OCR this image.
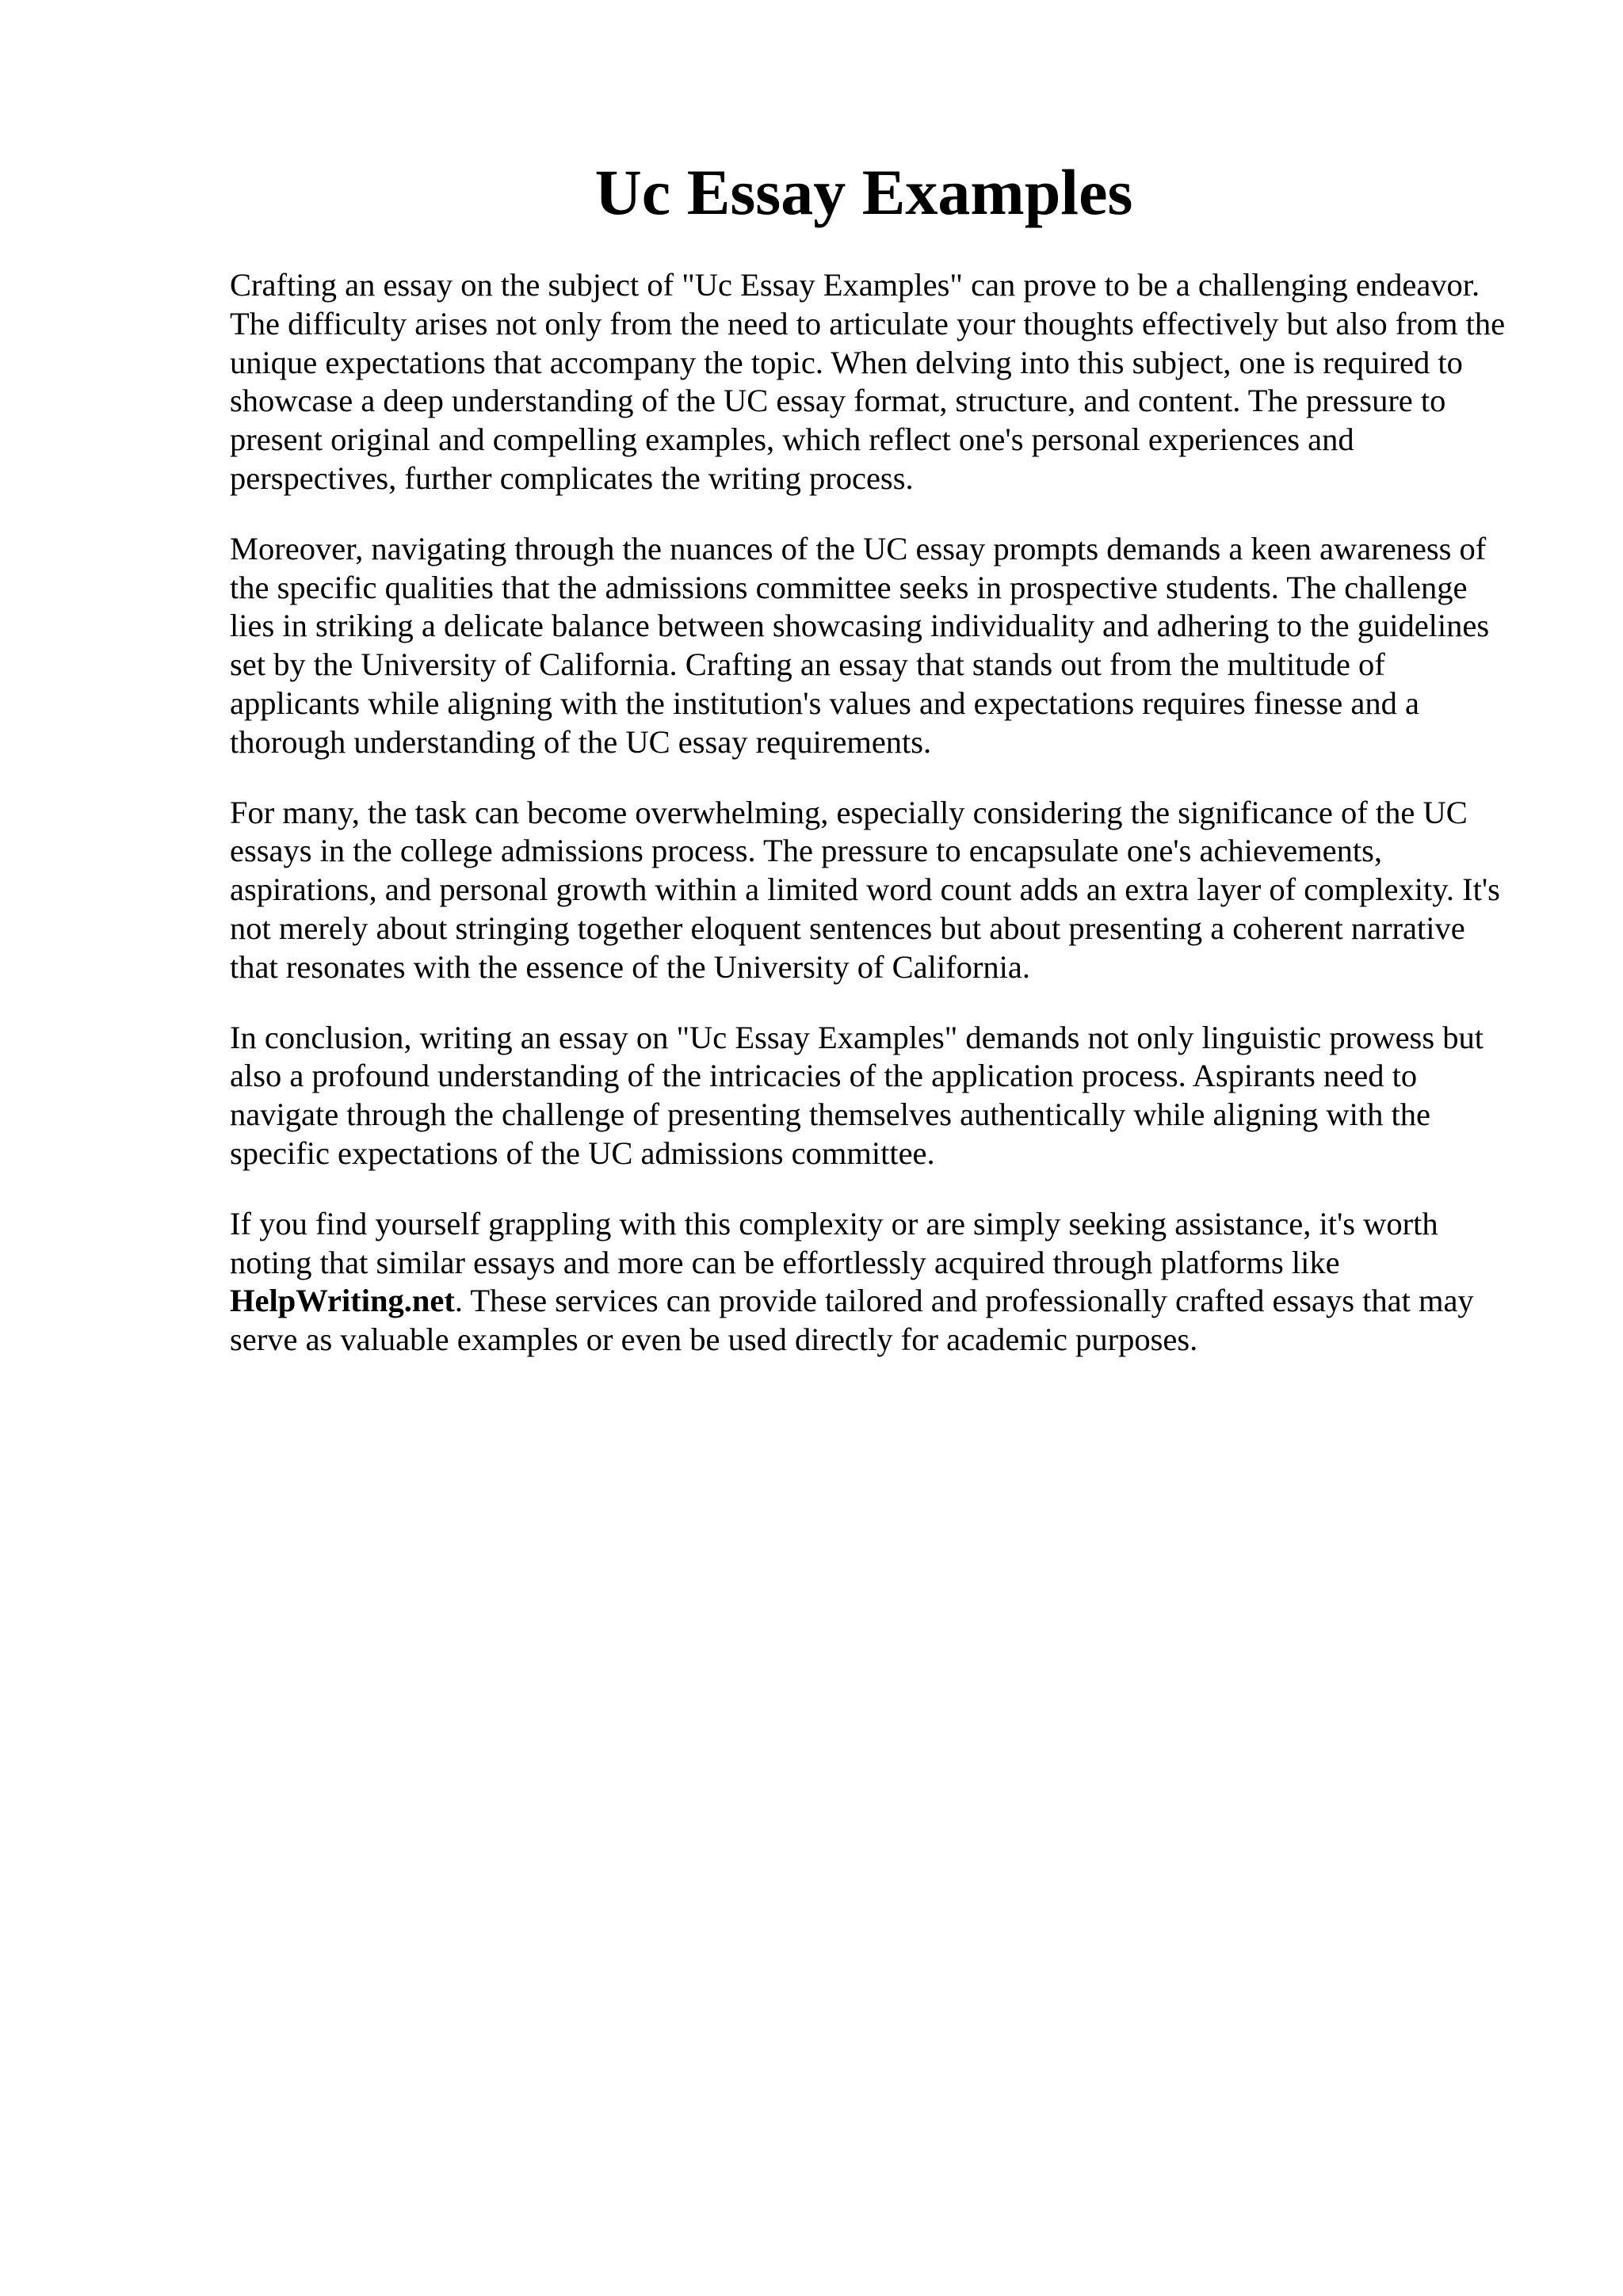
Uc Essay Examples

Crafting an essay on the subject of "Uc Essay Examples" can prove to be a challenging endeavor. The difficulty arises not only from the need to articulate your thoughts effectively but also from the unique expectations that accompany the topic. When delving into this subject, one is required to showcase a deep understanding of the UC essay format, structure, and content. The pressure to present original and compelling examples, which reflect one's personal experiences and perspectives, further complicates the writing process.

Moreover, navigating through the nuances of the UC essay prompts demands a keen awareness of the specific qualities that the admissions committee seeks in prospective students. The challenge lies in striking a delicate balance between showcasing individuality and adhering to the guidelines set by the University of California. Crafting an essay that stands out from the multitude of applicants while aligning with the institution's values and expectations requires finesse and a thorough understanding of the UC essay requirements.

For many, the task can become overwhelming, especially considering the significance of the UC essays in the college admissions process. The pressure to encapsulate one's achievements, aspirations, and personal growth within a limited word count adds an extra layer of complexity. It's not merely about stringing together eloquent sentences but about presenting a coherent narrative that resonates with the essence of the University of California.

In conclusion, writing an essay on "Uc Essay Examples" demands not only linguistic prowess but also a profound understanding of the intricacies of the application process. Aspirants need to navigate through the challenge of presenting themselves authentically while aligning with the specific expectations of the UC admissions committee.

If you find yourself grappling with this complexity or are simply seeking assistance, it's worth noting that similar essays and more can be effortlessly acquired through platforms like HelpWriting.net. These services can provide tailored and professionally crafted essays that may serve as valuable examples or even be used directly for academic purposes.
